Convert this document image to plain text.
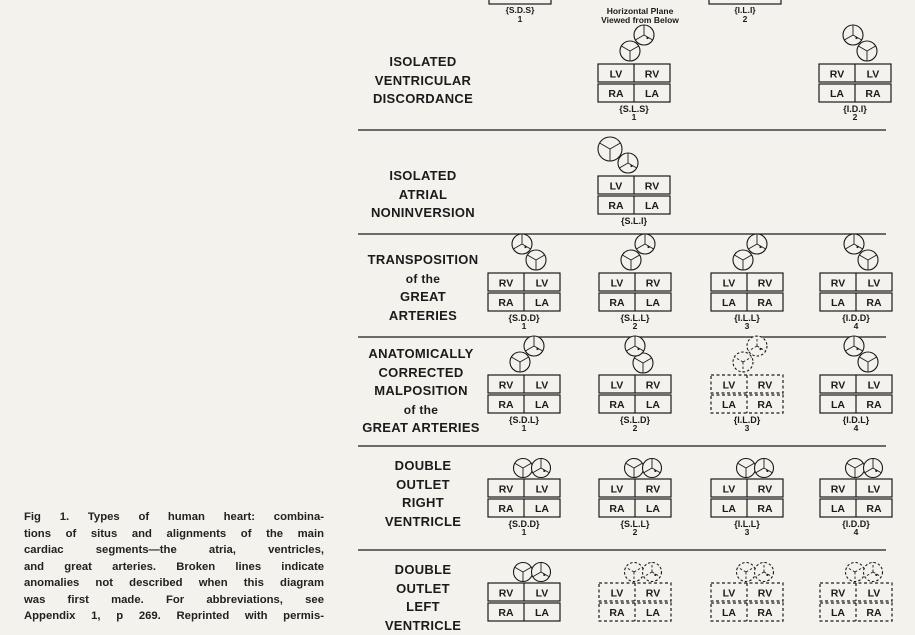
LV RV
RA LA
{S.L.S}
1
RV LV
LA RA
{I.D.I}
2
LV RV
RA LA
{S.L.I}
RV LV
RA LA
{S.D.D}
1
LV RV
RA LA
{S.L.L}
2
LV RV
LA RA
{I.L.L}
3
RV LV
LA RA
{I.D.D}
4
RV LV
RA LA
{S.D.L}
1
LV RV
RA LA
{S.L.D}
2
LV RV
LA RA
{I.L.D}
3
RV LV
LA RA
{I.D.L}
4
RV LV
RA LA
{S.D.D}
1
LV RV
RA LA
{S.L.L}
2
LV RV
LA RA
{I.L.L}
3
RV LV
LA RA
{I.D.D}
4
RV LV
RA LA
LV RV
RA LA
LV RV
LA RA
RV LV
LA RA
{S.D.S}
1
Horizontal Plane
Viewed from Below
{I.L.I}
2
ISOLATED
VENTRICULAR
DISCORDANCE
ISOLATED
ATRIAL
NONINVERSION
TRANSPOSITION
of the
GREAT
ARTERIES
ANATOMICALLY
CORRECTED
MALPOSITION
of the
GREAT ARTERIES
DOUBLE
OUTLET
RIGHT
VENTRICLE
DOUBLE
OUTLET
LEFT
VENTRICLE
Fig 1. Types of human heart: combina-
tions of situs and alignments of the main
cardiac segments—the atria, ventricles,
and great arteries. Broken lines indicate
anomalies not described when this diagram
was first made. For abbreviations, see
Appendix 1, p 269. Reprinted with permis-
